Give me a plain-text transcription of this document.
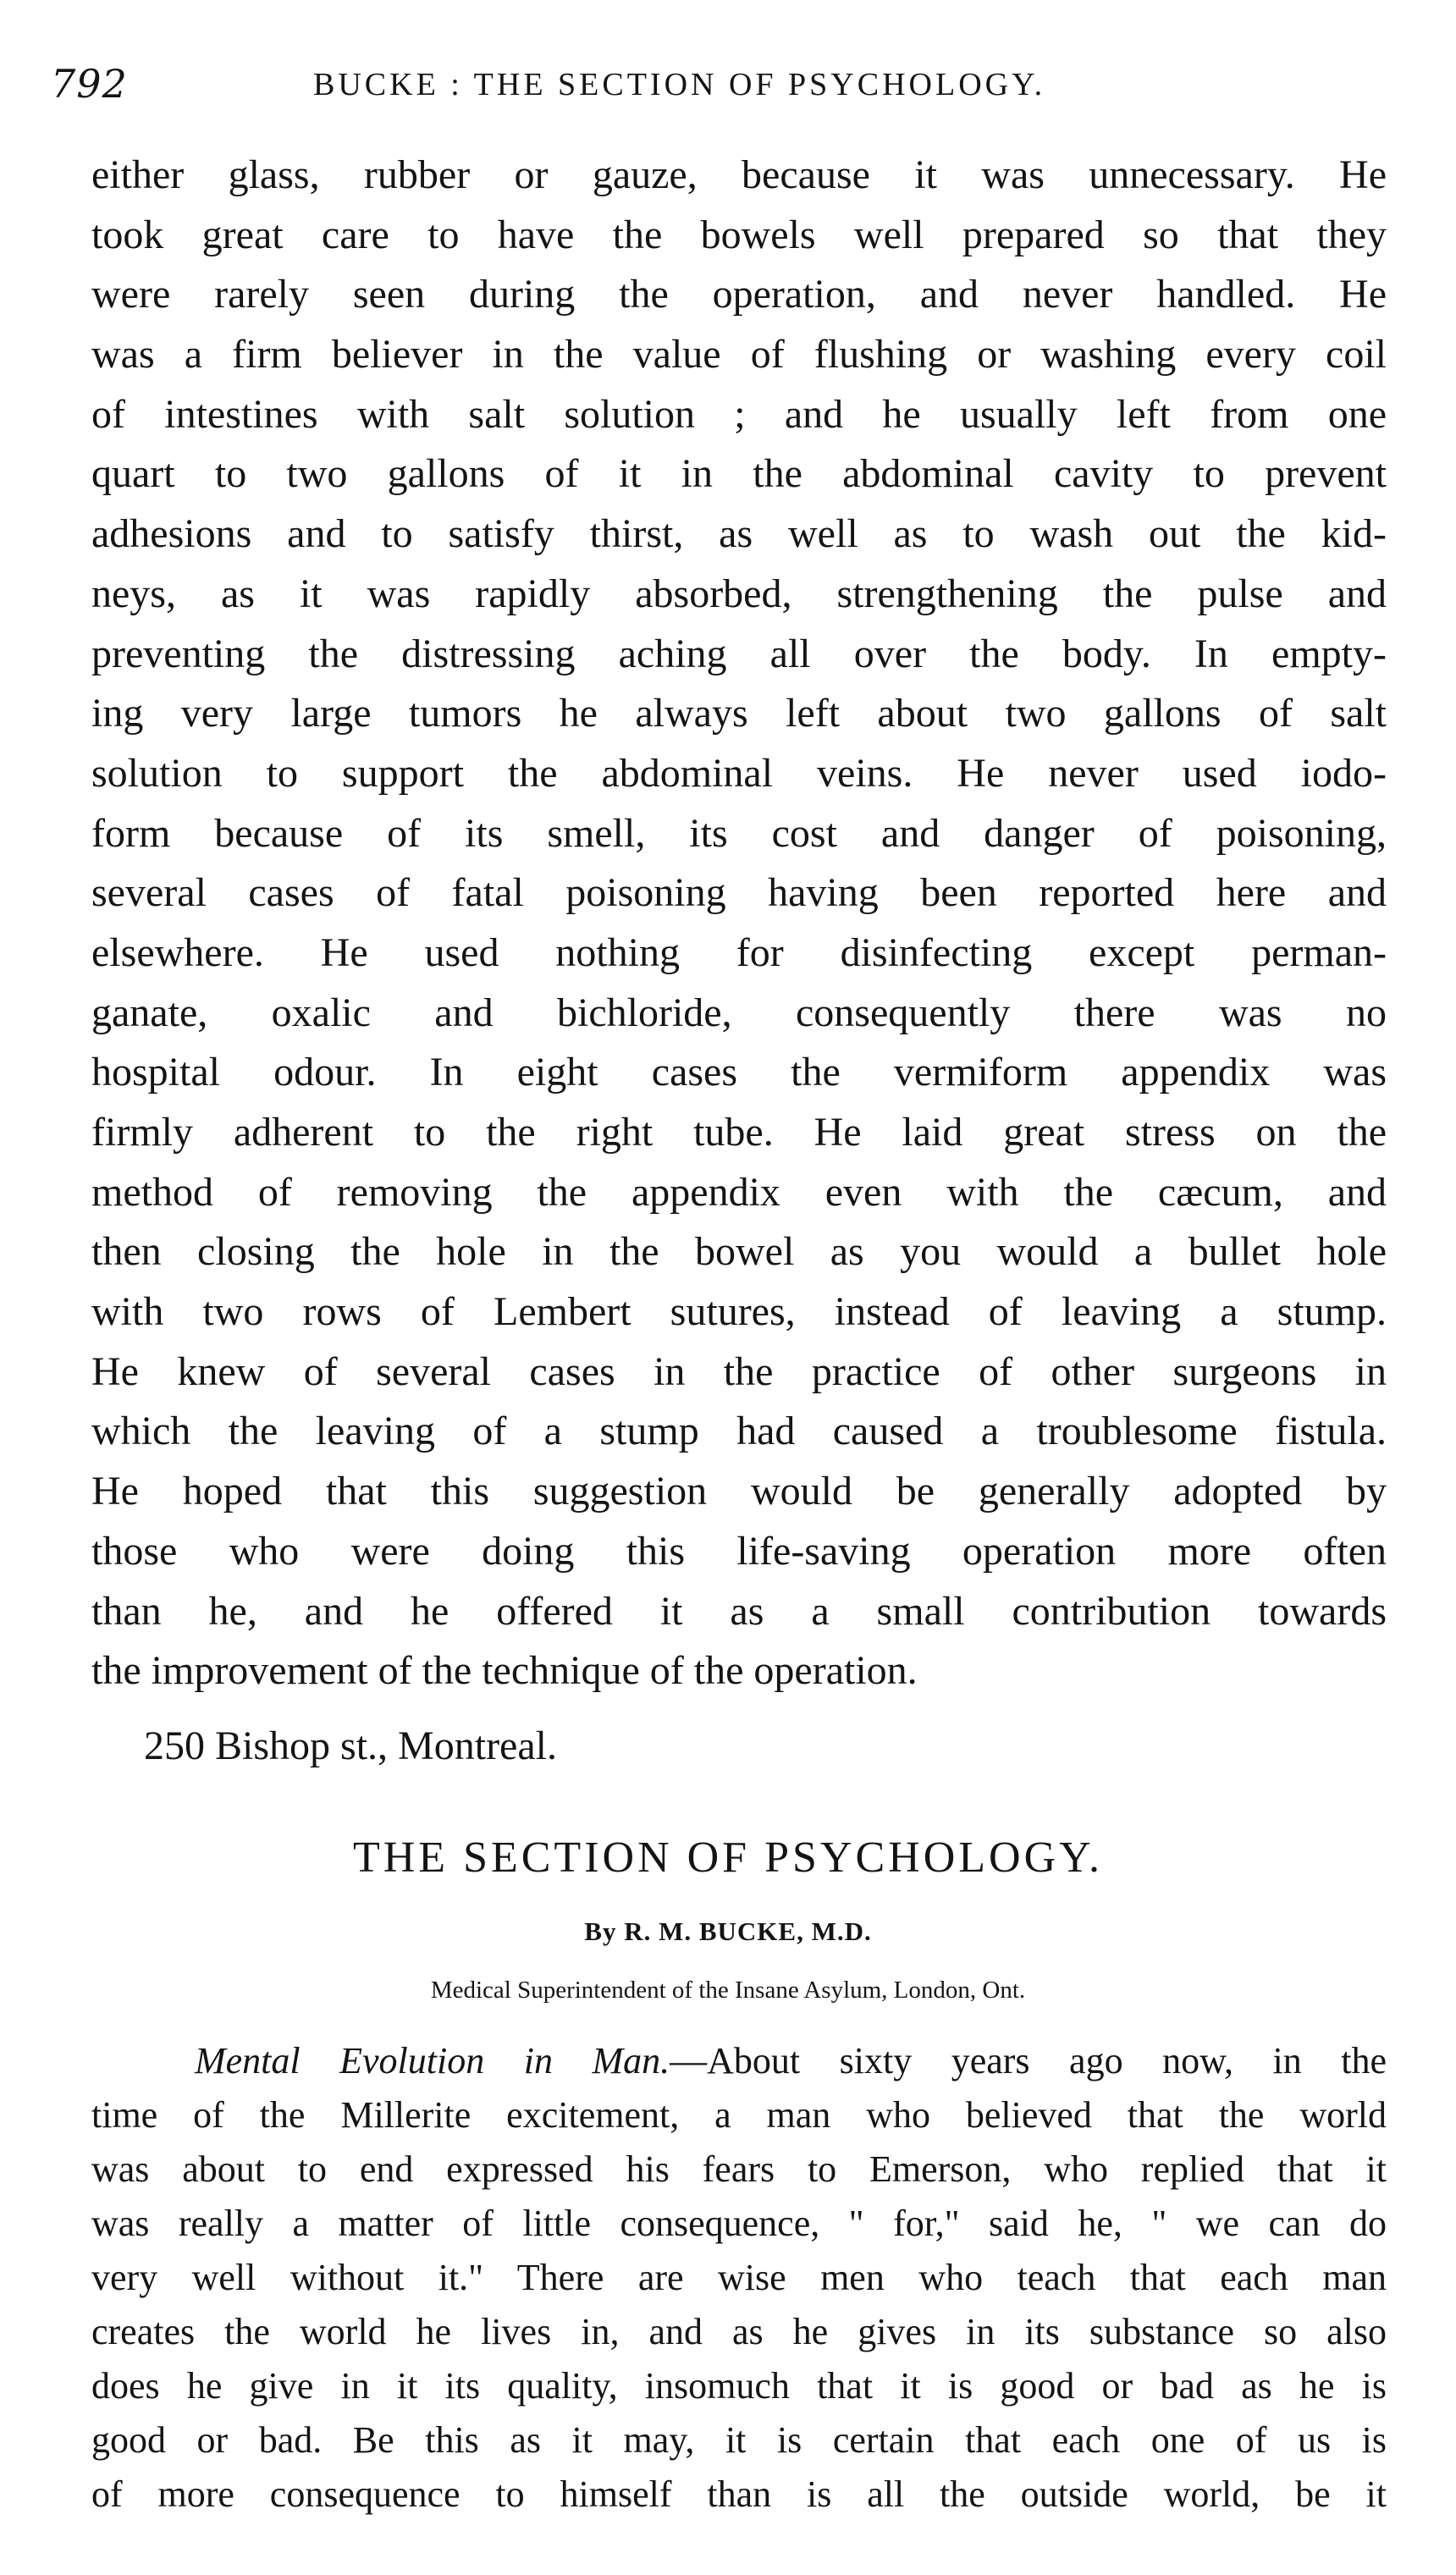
792	BUCKE : THE SECTION OF PSYCHOLOGY.
either glass, rubber or gauze, because it was unnecessary. He
took great care to have the bowels well prepared so that they
were rarely seen during the operation, and never handled. He
was a firm believer in the value of flushing or washing every coil
of intestines with salt solution ; and he usually left from one
quart to two gallons of it in the abdominal cavity to prevent
adhesions and to satisfy thirst, as well as to wash out the kid-
neys, as it was rapidly absorbed, strengthening the pulse and
preventing the distressing aching all over the body. In empty-
ing very large tumors he always left about two gallons of salt
solution to support the abdominal veins. He never used iodo-
form because of its smell, its cost and danger of poisoning,
several cases of fatal poisoning having been reported here and
elsewhere. He used nothing for disinfecting except perman-
ganate, oxalic and bichloride, consequently there was no
hospital odour. In eight cases the vermiform appendix was
firmly adherent to the right tube. He laid great stress on the
method of removing the appendix even with the cæcum, and
then closing the hole in the bowel as you would a bullet hole
with two rows of Lembert sutures, instead of leaving a stump.
He knew of several cases in the practice of other surgeons in
which the leaving of a stump had caused a troublesome fistula.
He hoped that this suggestion would be generally adopted by
those who were doing this life-saving operation more often
than he, and he offered it as a small contribution towards
the improvement of the technique of the operation.
250 Bishop st., Montreal.
THE SECTION OF PSYCHOLOGY.
By R. M. BUCKE, M.D.
Medical Superintendent of the Insane Asylum, London, Ont.
Mental Evolution in Man.—About sixty years ago now, in the
time of the Millerite excitement, a man who believed that the world
was about to end expressed his fears to Emerson, who replied that it
was really a matter of little consequence, " for," said he, " we can do
very well without it." There are wise men who teach that each man
creates the world he lives in, and as he gives in its substance so also
does he give in it its quality, insomuch that it is good or bad as he is
good or bad. Be this as it may, it is certain that each one of us is
of more consequence to himself than is all the outside world, be it
